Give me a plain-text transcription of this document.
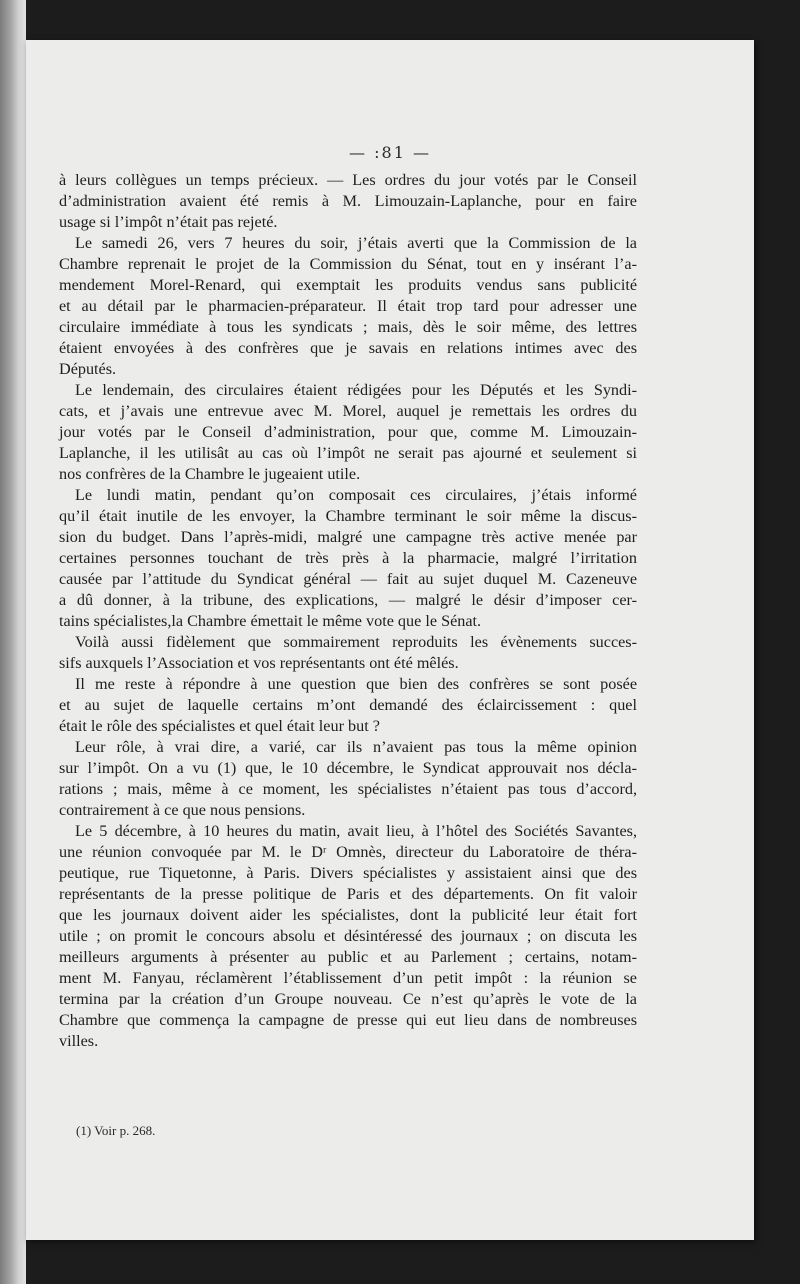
— :81 —
à leurs collègues un temps précieux. — Les ordres du jour votés par le Conseil
d’administration avaient été remis à M. Limouzain-Laplanche, pour en faire
usage si l’impôt n’était pas rejeté.
Le samedi 26, vers 7 heures du soir, j’étais averti que la Commission de la
Chambre reprenait le projet de la Commission du Sénat, tout en y insérant l’a-
mendement Morel-Renard, qui exemptait les produits vendus sans publicité
et au détail par le pharmacien-préparateur. Il était trop tard pour adresser une
circulaire immédiate à tous les syndicats ; mais, dès le soir même, des lettres
étaient envoyées à des confrères que je savais en relations intimes avec des
Députés.
Le lendemain, des circulaires étaient rédigées pour les Députés et les Syndi-
cats, et j’avais une entrevue avec M. Morel, auquel je remettais les ordres du
jour votés par le Conseil d’administration, pour que, comme M. Limouzain-
Laplanche, il les utilisât au cas où l’impôt ne serait pas ajourné et seulement si
nos confrères de la Chambre le jugeaient utile.
Le lundi matin, pendant qu’on composait ces circulaires, j’étais informé
qu’il était inutile de les envoyer, la Chambre terminant le soir même la discus-
sion du budget. Dans l’après-midi, malgré une campagne très active menée par
certaines personnes touchant de très près à la pharmacie, malgré l’irritation
causée par l’attitude du Syndicat général — fait au sujet duquel M. Cazeneuve
a dû donner, à la tribune, des explications, — malgré le désir d’imposer cer-
tains spécialistes,la Chambre émettait le même vote que le Sénat.
Voilà aussi fidèlement que sommairement reproduits les évènements succes-
sifs auxquels l’Association et vos représentants ont été mêlés.
Il me reste à répondre à une question que bien des confrères se sont posée
et au sujet de laquelle certains m’ont demandé des éclaircissement : quel
était le rôle des spécialistes et quel était leur but ?
Leur rôle, à vrai dire, a varié, car ils n’avaient pas tous la même opinion
sur l’impôt. On a vu (1) que, le 10 décembre, le Syndicat approuvait nos décla-
rations ; mais, même à ce moment, les spécialistes n’étaient pas tous d’accord,
contrairement à ce que nous pensions.
Le 5 décembre, à 10 heures du matin, avait lieu, à l’hôtel des Sociétés Savantes,
une réunion convoquée par M. le Dʳ Omnès, directeur du Laboratoire de théra-
peutique, rue Tiquetonne, à Paris. Divers spécialistes y assistaient ainsi que des
représentants de la presse politique de Paris et des départements. On fit valoir
que les journaux doivent aider les spécialistes, dont la publicité leur était fort
utile ; on promit le concours absolu et désintéressé des journaux ; on discuta les
meilleurs arguments à présenter au public et au Parlement ; certains, notam-
ment M. Fanyau, réclamèrent l’établissement d’un petit impôt : la réunion se
termina par la création d’un Groupe nouveau. Ce n’est qu’après le vote de la
Chambre que commença la campagne de presse qui eut lieu dans de nombreuses
villes.
(1) Voir p. 268.
